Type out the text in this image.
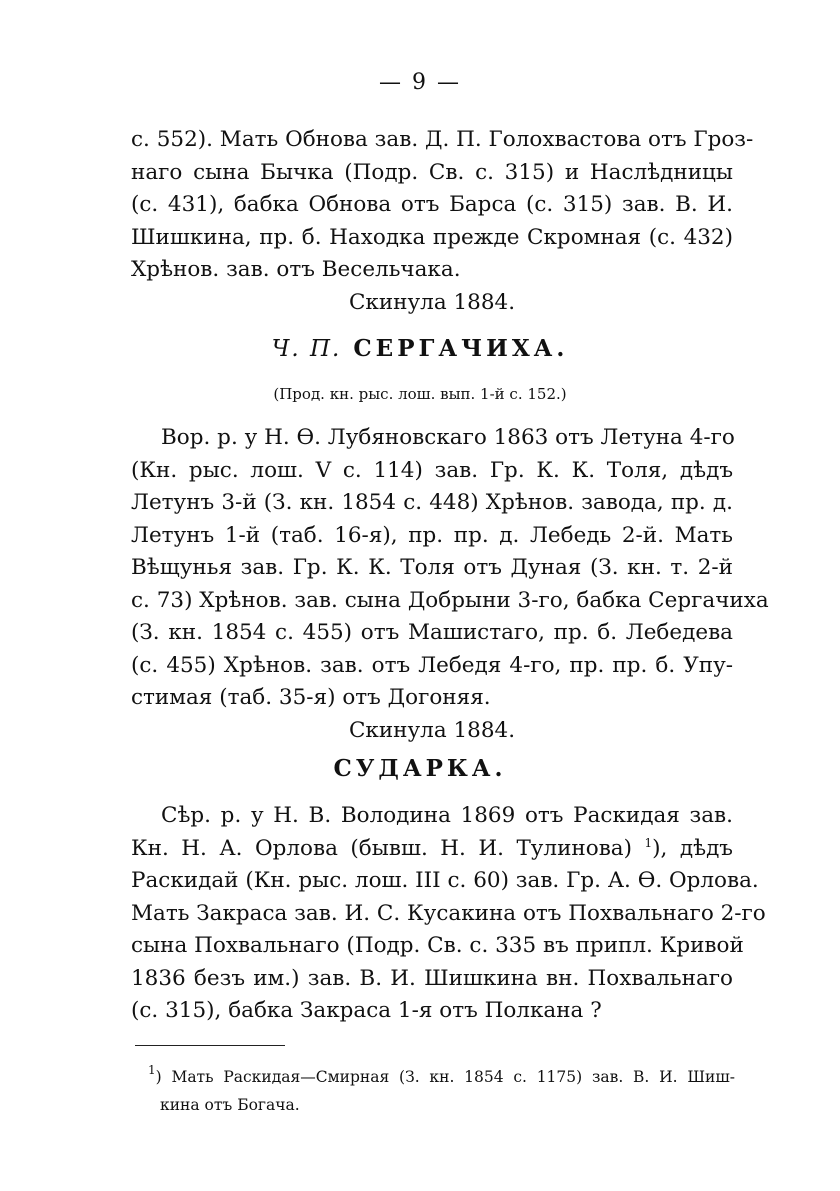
— 9 —
с. 552). Мать Обнова зав. Д. П. Голохвастова отъ Гроз-
наго сына Бычка (Подр. Св. с. 315) и Наслѣдницы
(с. 431), бабка Обнова отъ Барса (с. 315) зав. В. И.
Шишкина, пр. б. Находка прежде Скромная (с. 432)
Хрѣнов. зав. отъ Весельчака.
Скинула 1884.
Ч. П. СЕРГАЧИХА.
(Прод. кн. рыс. лош. вып. 1-й с. 152.)
Вор. р. у Н. Ѳ. Лубяновскаго 1863 отъ Летуна 4-го
(Кн. рыс. лош. V с. 114) зав. Гр. К. К. Толя, дѣдъ
Летунъ 3-й (З. кн. 1854 с. 448) Хрѣнов. завода, пр. д.
Летунъ 1-й (таб. 16-я), пр. пр. д. Лебедь 2-й. Мать
Вѣщунья зав. Гр. К. К. Толя отъ Дуная (З. кн. т. 2-й
с. 73) Хрѣнов. зав. сына Добрыни 3-го, бабка Сергачиха
(З. кн. 1854 с. 455) отъ Машистаго, пр. б. Лебедева
(с. 455) Хрѣнов. зав. отъ Лебедя 4-го, пр. пр. б. Упу-
стимая (таб. 35-я) отъ Догоняя.
Скинула 1884.
СУДАРКА.
Сѣр. р. у Н. В. Володина 1869 отъ Раскидая зав.
Кн. Н. А. Орлова (бывш. Н. И. Тулинова) $^1$), дѣдъ
Раскидай (Кн. рыс. лош. III с. 60) зав. Гр. А. Ѳ. Орлова.
Мать Закраса зав. И. С. Кусакина отъ Похвальнаго 2-го
сына Похвальнаго (Подр. Св. с. 335 въ припл. Кривой
1836 безъ им.) зав. В. И. Шишкина вн. Похвальнаго
(с. 315), бабка Закраса 1-я отъ Полкана ?
$^1$) Мать Раскидая—Смирная (З. кн. 1854 с. 1175) зав. В. И. Шиш-
кина отъ Богача.
